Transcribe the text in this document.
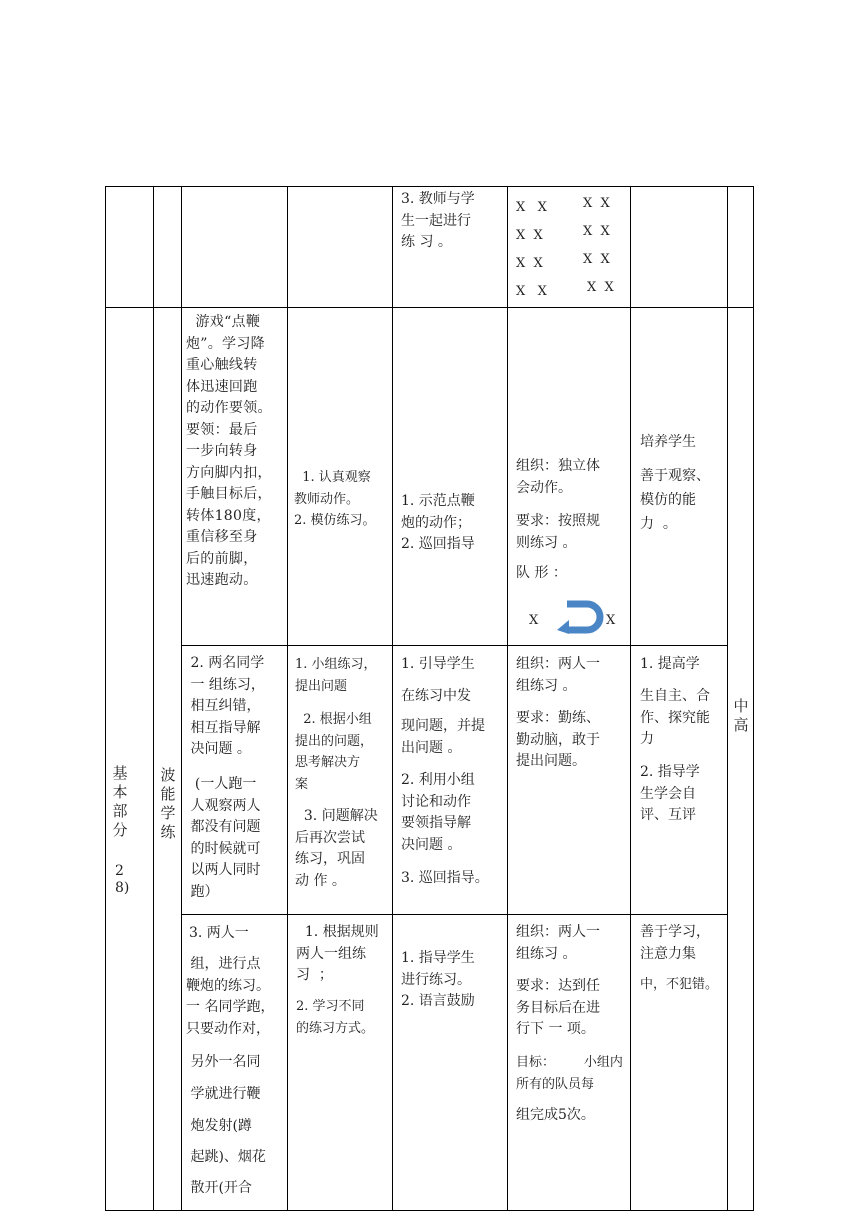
3. 教师与学
生一起进行
练 习 。
X   X
X  X
X  X
X   X
X  X
X  X
X  X
X  X
基
本
部
分
2
8)
波
能
学
练
中
高
游戏“点鞭
炮”。学习降
重心触线转
体迅速回跑
的动作要领。
要领：最后
一步向转身
方向脚内扣，
手触目标后，
转体180度，
重信移至身
后的前脚，
迅速跑动。
1. 认真观察
教师动作。
2. 模仿练习。
1. 示范点鞭
炮的动作；
2. 巡回指导
组织：独立体
会动作。
要求：按照规
则练习 。
队 形 ：
X	X
培养学生
善于观察、
模仿的能
力  。
2. 两名同学
一 组练习，
相互纠错，
相互指导解
决问题 。
(一人跑一
人观察两人
都没有问题
的时候就可
以两人同时
跑）
1. 小组练习，
提出问题
2. 根据小组
提出的问题，
思考解决方
案
3. 问题解决
后再次尝试
练习，巩固
动 作 。
1. 引导学生
在练习中发
现问题，并提
出问题 。
2. 利用小组
讨论和动作
要领指导解
决问题 。
3. 巡回指导。
组织：两人一
组练习 。
要求：勤练、
勤动脑，敢于
提出问题。
1. 提高学
生自主、合
作、探究能
力
2. 指导学
生学会自
评、互评
3. 两人一
组，进行点
鞭炮的练习。
一 名同学跑，
只要动作对，
另外一名同
学就进行鞭
炮发射(蹲
起跳)、烟花
散开(开合
1. 根据规则
两人一组练
习  ；
2. 学习不同
的练习方式。
1. 指导学生
进行练习。
2. 语言鼓励
组织：两人一
组练习 。
要求：达到任
务目标后在进
行下 一 项。
目标：       小组内
所有的队员每
组完成5次。
善于学习，
注意力集
中，不犯错。
